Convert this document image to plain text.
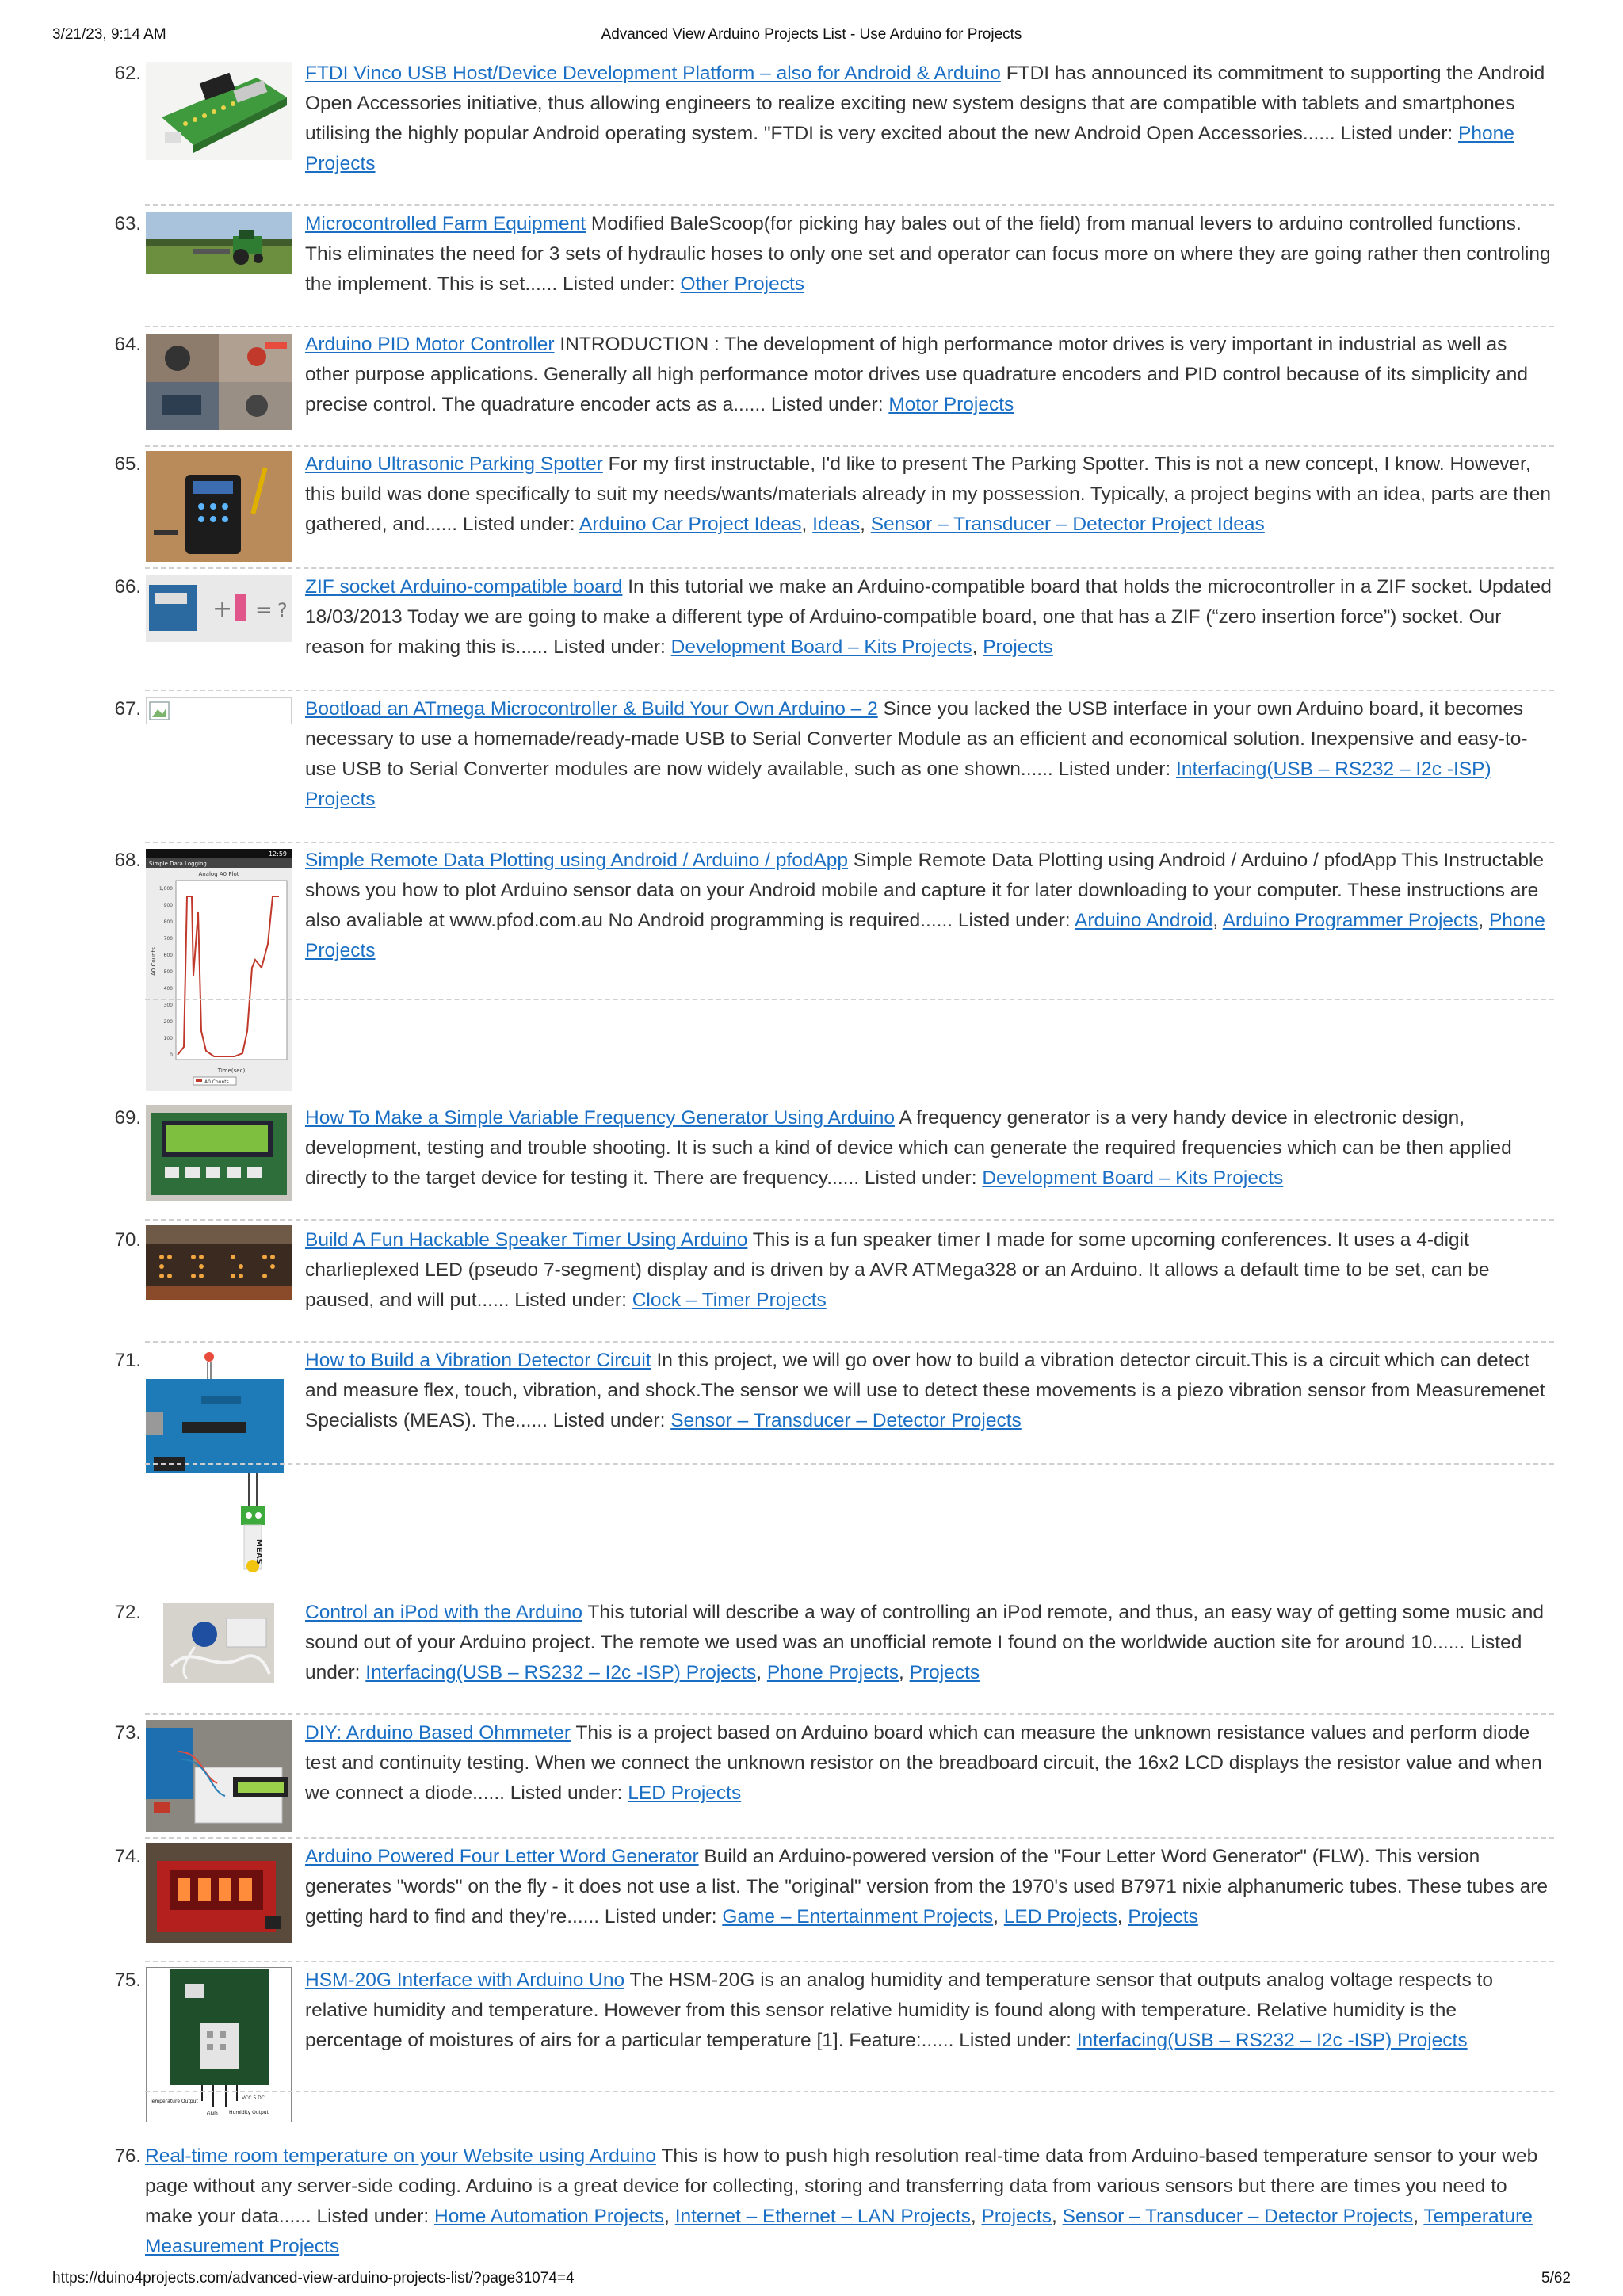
3/21/23, 9:14 AM	Advanced View Arduino Projects List - Use Arduino for Projects
62.	FTDI Vinco USB Host/Device Development Platform – also for Android & Arduino FTDI has announced its commitment to supporting the Android Open Accessories initiative, thus allowing engineers to realize exciting new system designs that are compatible with tablets and smartphones utilising the highly popular Android operating system. "FTDI is very excited about the new Android Open Accessories...... Listed under: Phone Projects
63.	Microcontrolled Farm Equipment Modified BaleScoop(for picking hay bales out of the field) from manual levers to arduino controlled functions. This eliminates the need for 3 sets of hydraulic hoses to only one set and operator can focus more on where they are going rather then controling the implement. This is set...... Listed under: Other Projects
64.	Arduino PID Motor Controller INTRODUCTION : The development of high performance motor drives is very important in industrial as well as other purpose applications. Generally all high performance motor drives use quadrature encoders and PID control because of its simplicity and precise control. The quadrature encoder acts as a...... Listed under: Motor Projects
65.	Arduino Ultrasonic Parking Spotter For my first instructable, I'd like to present The Parking Spotter. This is not a new concept, I know. However, this build was done specifically to suit my needs/wants/materials already in my possession. Typically, a project begins with an idea, parts are then gathered, and...... Listed under: Arduino Car Project Ideas, Ideas, Sensor – Transducer – Detector Project Ideas
66.
+ = ?
ZIF socket Arduino-compatible board In this tutorial we make an Arduino-compatible board that holds the microcontroller in a ZIF socket. Updated 18/03/2013 Today we are going to make a different type of Arduino-compatible board, one that has a ZIF (“zero insertion force”) socket. Our reason for making this is...... Listed under: Development Board – Kits Projects, Projects
67.	Bootload an ATmega Microcontroller & Build Your Own Arduino – 2 Since you lacked the USB interface in your own Arduino board, it becomes necessary to use a homemade/ready-made USB to Serial Converter Module as an efficient and economical solution. Inexpensive and easy-to-use USB to Serial Converter modules are now widely available, such as one shown...... Listed under: Interfacing(USB – RS232 – I2c -ISP) Projects
68.	12:59
Simple Data Logging
Analog A0 Plot
A0 Counts
Time(sec)
A0 Counts
1,000
900
800
700
600
500
400
300
200
100
0
Simple Remote Data Plotting using Android / Arduino / pfodApp Simple Remote Data Plotting using Android / Arduino / pfodApp This Instructable shows you how to plot Arduino sensor data on your Android mobile and capture it for later downloading to your computer. These instructions are also avaliable at www.pfod.com.au No Android programming is required...... Listed under: Arduino Android, Arduino Programmer Projects, Phone Projects
69.	How To Make a Simple Variable Frequency Generator Using Arduino A frequency generator is a very handy device in electronic design, development, testing and trouble shooting. It is such a kind of device which can generate the required frequencies which can be then applied directly to the target device for testing it. There are frequency...... Listed under: Development Board – Kits Projects
70.	Build A Fun Hackable Speaker Timer Using Arduino This is a fun speaker timer I made for some upcoming conferences. It uses a 4-digit charlieplexed LED (pseudo 7-segment) display and is driven by a AVR ATMega328 or an Arduino. It allows a default time to be set, can be paused, and will put...... Listed under: Clock – Timer Projects
71.
MEAS
How to Build a Vibration Detector Circuit In this project, we will go over how to build a vibration detector circuit.This is a circuit which can detect and measure flex, touch, vibration, and shock.The sensor we will use to detect these movements is a piezo vibration sensor from Measuremenet Specialists (MEAS). The...... Listed under: Sensor – Transducer – Detector Projects
72.	Control an iPod with the Arduino This tutorial will describe a way of controlling an iPod remote, and thus, an easy way of getting some music and sound out of your Arduino project. The remote we used was an unofficial remote I found on the worldwide auction site for around 10...... Listed under: Interfacing(USB – RS232 – I2c -ISP) Projects, Phone Projects, Projects
73.	DIY: Arduino Based Ohmmeter This is a project based on Arduino board which can measure the unknown resistance values and perform diode test and continuity testing. When we connect the unknown resistor on the breadboard circuit, the 16x2 LCD displays the resistor value and when we connect a diode...... Listed under: LED Projects
74.	Arduino Powered Four Letter Word Generator Build an Arduino-powered version of the "Four Letter Word Generator" (FLW). This version generates "words" on the fly - it does not use a list. The "original" version from the 1970's used B7971 nixie alphanumeric tubes. These tubes are getting hard to find and they're...... Listed under: Game – Entertainment Projects, LED Projects, Projects
75.
Temperature Output
GND
VCC 5 DC
Humidity Output
HSM-20G Interface with Arduino Uno The HSM-20G is an analog humidity and temperature sensor that outputs analog voltage respects to relative humidity and temperature. However from this sensor relative humidity is found along with temperature. Relative humidity is the percentage of moistures of airs for a particular temperature [1]. Feature:...... Listed under: Interfacing(USB – RS232 – I2c -ISP) Projects
76. Real-time room temperature on your Website using Arduino This is how to push high resolution real-time data from Arduino-based temperature sensor to your web page without any server-side coding. Arduino is a great device for collecting, storing and transferring data from various sensors but there are times you need to make your data...... Listed under: Home Automation Projects, Internet – Ethernet – LAN Projects, Projects, Sensor – Transducer – Detector Projects, Temperature Measurement Projects
https://duino4projects.com/advanced-view-arduino-projects-list/?page31074=4	5/62
